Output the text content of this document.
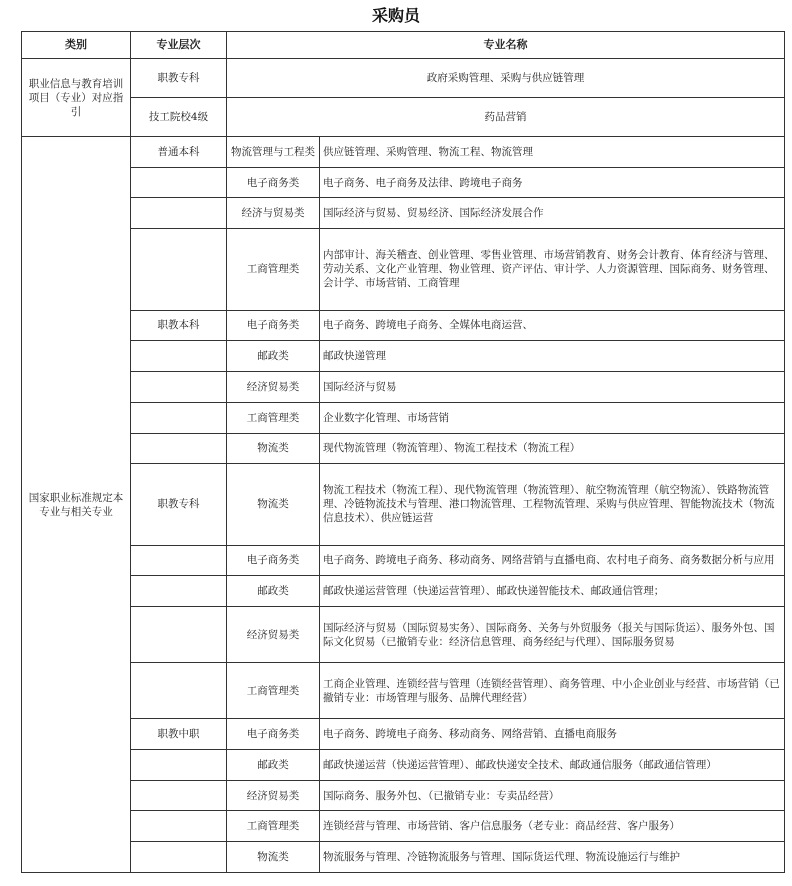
采购员
类别	专业层次	专业名称	
职业信息与教育培训项目（专业）对应指引	职教专科	政府采购管理、采购与供应链管理	
	技工院校4级	药品营销	
国家职业标准规定本专业与相关专业	普通本科	物流管理与工程类	供应链管理、采购管理、物流工程、物流管理
		电子商务类	电子商务、电子商务及法律、跨境电子商务
		经济与贸易类	国际经济与贸易、贸易经济、国际经济发展合作
		工商管理类	内部审计、海关稽查、创业管理、零售业管理、市场营销教育、财务会计教育、体育经济与管理、劳动关系、文化产业管理、物业管理、资产评估、审计学、人力资源管理、国际商务、财务管理、会计学、市场营销、工商管理
	职教本科	电子商务类	电子商务、跨境电子商务、全媒体电商运营、
		邮政类	邮政快递管理
		经济贸易类	国际经济与贸易
		工商管理类	企业数字化管理、市场营销
		物流类	现代物流管理（物流管理）、物流工程技术（物流工程）
	职教专科	物流类	物流工程技术（物流工程）、现代物流管理（物流管理）、航空物流管理（航空物流）、铁路物流管理、冷链物流技术与管理、港口物流管理、工程物流管理、采购与供应管理、智能物流技术（物流信息技术）、供应链运营
		电子商务类	电子商务、跨境电子商务、移动商务、网络营销与直播电商、农村电子商务、商务数据分析与应用
		邮政类	邮政快递运营管理（快递运营管理）、邮政快递智能技术、邮政通信管理；
		经济贸易类	国际经济与贸易（国际贸易实务）、国际商务、关务与外贸服务（报关与国际货运）、服务外包、国际文化贸易（已撤销专业：经济信息管理、商务经纪与代理）、国际服务贸易
		工商管理类	工商企业管理、连锁经营与管理（连锁经营管理）、商务管理、中小企业创业与经营、市场营销（已撤销专业：市场管理与服务、品牌代理经营）
	职教中职	电子商务类	电子商务、跨境电子商务、移动商务、网络营销、直播电商服务
		邮政类	邮政快递运营（快递运营管理）、邮政快递安全技术、邮政通信服务（邮政通信管理）
		经济贸易类	国际商务、服务外包、（已撤销专业：专卖品经营）
		工商管理类	连锁经营与管理、市场营销、客户信息服务（老专业：商品经营、客户服务）
		物流类	物流服务与管理、冷链物流服务与管理、国际货运代理、物流设施运行与维护
